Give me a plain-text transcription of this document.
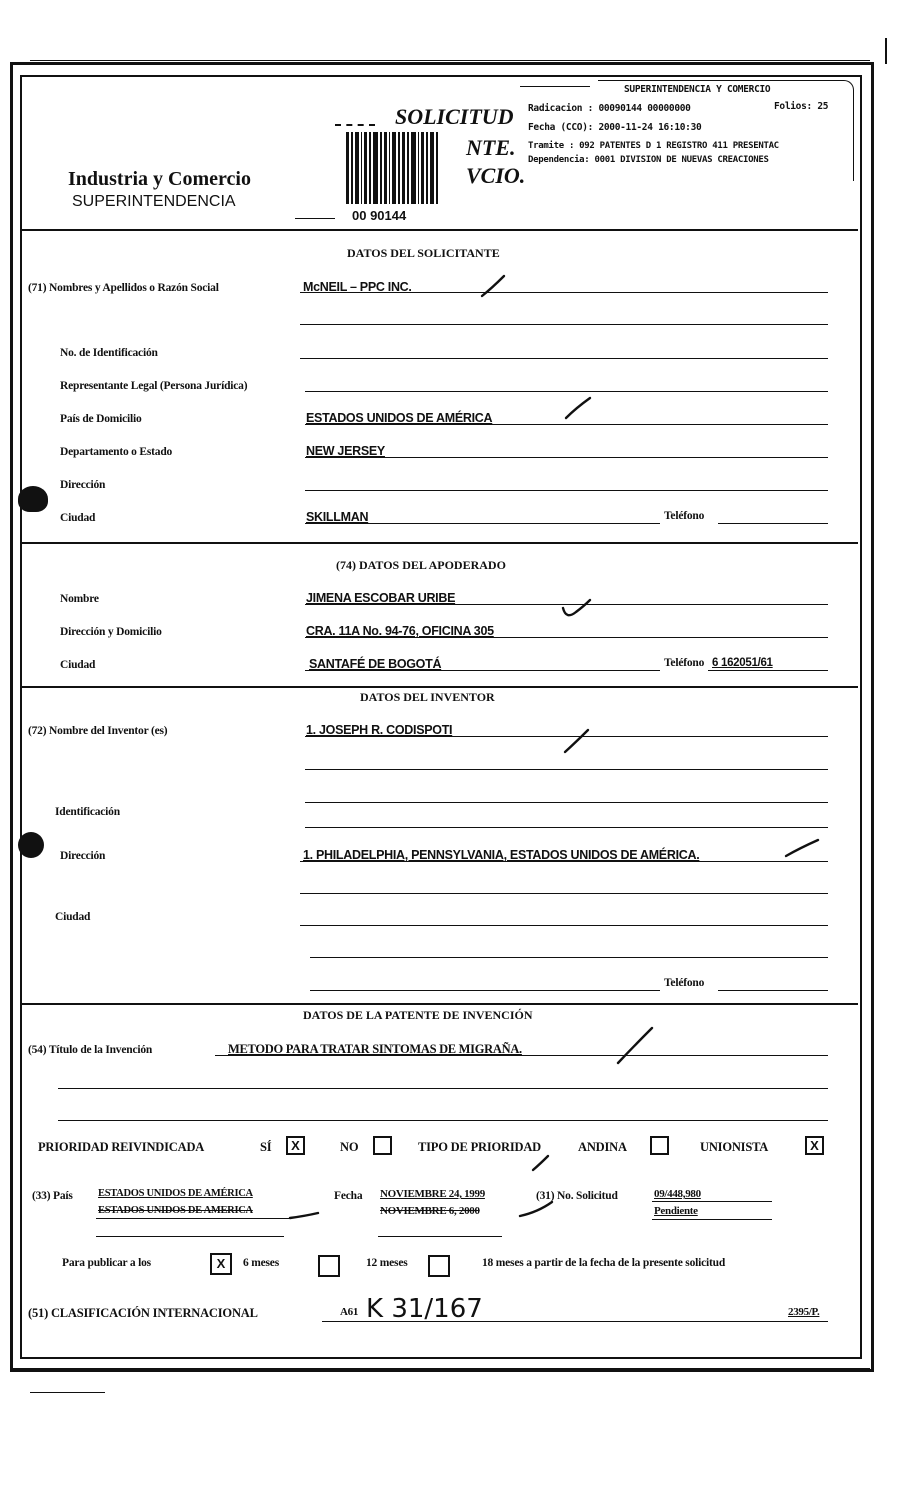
Industria y Comercio
SUPERINTENDENCIA
SOLICITUD
NTE.
VCIO.
00 90144
SUPERINTENDENCIA Y COMERCIO
Radicacion : 00090144 00000000	Folios: 25
Fecha (CCO): 2000-11-24 16:10:30
Tramite : 092 PATENTES D 1 REGISTRO 411 PRESENTAC
Dependencia: 0001 DIVISION DE NUEVAS CREACIONES
DATOS DEL SOLICITANTE
(71) Nombres y Apellidos o Razón Social	McNEIL – PPC INC.
No. de Identificación
Representante Legal (Persona Jurídica)
País de Domicilio	ESTADOS UNIDOS DE AMÉRICA
Departamento o Estado	NEW JERSEY
Dirección
Ciudad	SKILLMAN	Teléfono
(74) DATOS DEL APODERADO
Nombre	JIMENA ESCOBAR URIBE
Dirección y Domicilio	CRA. 11A No. 94-76, OFICINA 305
Ciudad	SANTAFÉ DE BOGOTÁ	Teléfono 6 162051/61
DATOS DEL INVENTOR
(72) Nombre del Inventor (es)	1. JOSEPH R. CODISPOTI
Identificación
Dirección	1. PHILADELPHIA, PENNSYLVANIA, ESTADOS UNIDOS DE AMÉRICA.
Ciudad
Teléfono
DATOS DE LA PATENTE DE INVENCIÓN
(54) Título de la Invención	METODO PARA TRATAR SINTOMAS DE MIGRAÑA.
PRIORIDAD REIVINDICADA	SÍ	X	NO	TIPO DE PRIORIDAD	ANDINA	UNIONISTA	X
(33) País ESTADOS UNIDOS DE AMÉRICA
ESTADOS UNIDOS DE AMERICA
Fecha NOVIEMBRE 24, 1999
NOVIEMBRE 6, 2000
(31) No. Solicitud	09/448,980
Pendiente
Para publicar a los	X	6 meses	12 meses	18 meses a partir de la fecha de la presente solicitud
(51) CLASIFICACIÓN INTERNACIONAL	A61 K 31/167	2395/P.
